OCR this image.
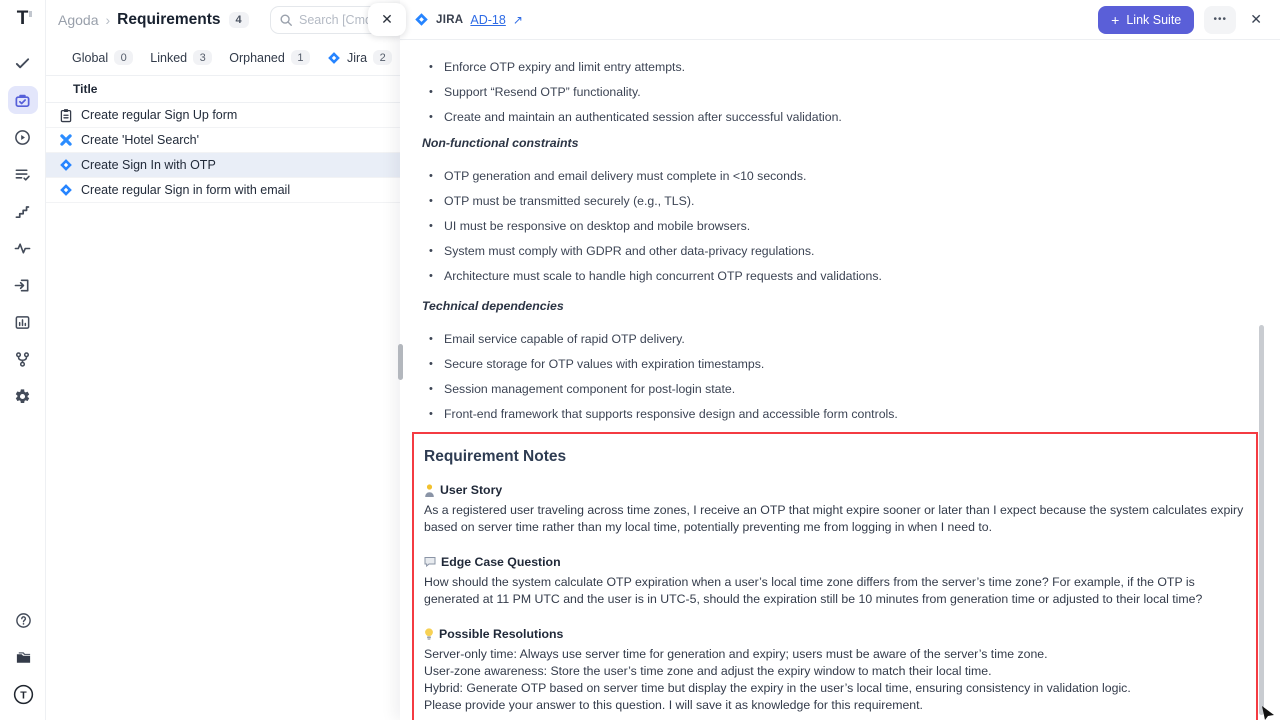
T
T
Agoda › Requirements	4
Search [Cmd +
Global	0	Linked	3	Orphaned	1	Jira	2
Title
Create regular Sign Up form
Create 'Hotel Search'
Create Sign In with OTP
Create regular Sign in form with email
✕	JIRA AD-18 ↗	+ Link Suite	•••	✕
• Enforce OTP expiry and limit entry attempts.
• Support “Resend OTP” functionality.
• Create and maintain an authenticated session after successful validation.
Non-functional constraints
• OTP generation and email delivery must complete in <10 seconds.
• OTP must be transmitted securely (e.g., TLS).
• UI must be responsive on desktop and mobile browsers.
• System must comply with GDPR and other data-privacy regulations.
• Architecture must scale to handle high concurrent OTP requests and validations.
Technical dependencies
• Email service capable of rapid OTP delivery.
• Secure storage for OTP values with expiration timestamps.
• Session management component for post-login state.
• Front-end framework that supports responsive design and accessible form controls.
Requirement Notes
User Story

As a registered user traveling across time zones, I receive an OTP that might expire sooner or later than I expect because the system calculates expiry based on server time rather than my local time, potentially preventing me from logging in when I need to.

Edge Case Question

How should the system calculate OTP expiration when a user’s local time zone differs from the server’s time zone? For example, if the OTP is generated at 11 PM UTC and the user is in UTC-5, should the expiration still be 10 minutes from generation time or adjusted to their local time?

Possible Resolutions
Server-only time: Always use server time for generation and expiry; users must be aware of the server’s time zone.
User-zone awareness: Store the user’s time zone and adjust the expiry window to match their local time.
Hybrid: Generate OTP based on server time but display the expiry in the user’s local time, ensuring consistency in validation logic.
Please provide your answer to this question. I will save it as knowledge for this requirement.
